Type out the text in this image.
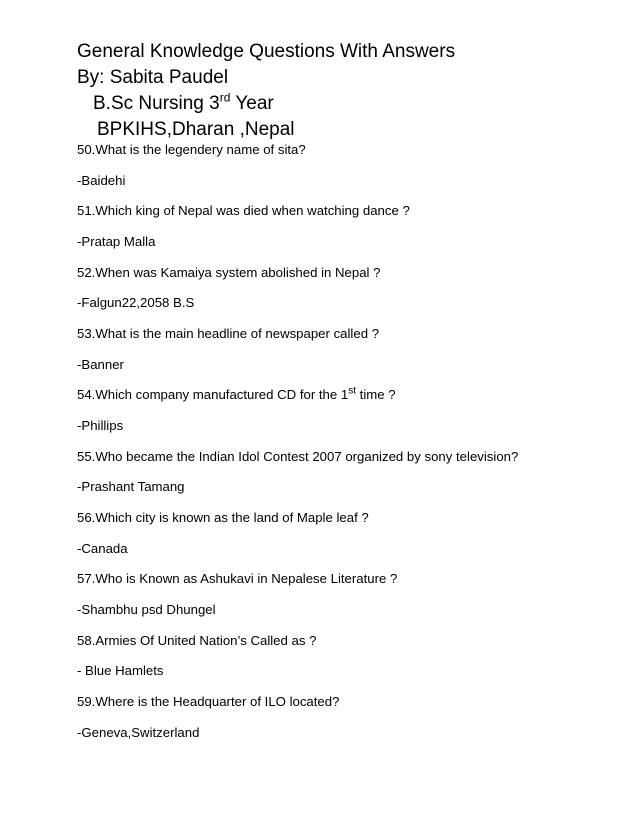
General Knowledge Questions With Answers
By: Sabita Paudel
B.Sc Nursing 3rd Year
BPKIHS,Dharan ,Nepal
50.What is the legendery name of sita?
-Baidehi
51.Which king of Nepal was died when watching dance ?
-Pratap Malla
52.When was Kamaiya system abolished in Nepal ?
-Falgun22,2058 B.S
53.What is the main headline of newspaper called ?
-Banner
54.Which company manufactured CD for the 1st time ?
-Phillips
55.Who became the Indian Idol Contest 2007 organized by sony television?
-Prashant Tamang
56.Which city is known as the land of Maple leaf ?
-Canada
57.Who is Known as Ashukavi in Nepalese Literature ?
-Shambhu psd Dhungel
58.Armies Of United Nation’s Called as ?
- Blue Hamlets
59.Where is the Headquarter of ILO located?
-Geneva,Switzerland
